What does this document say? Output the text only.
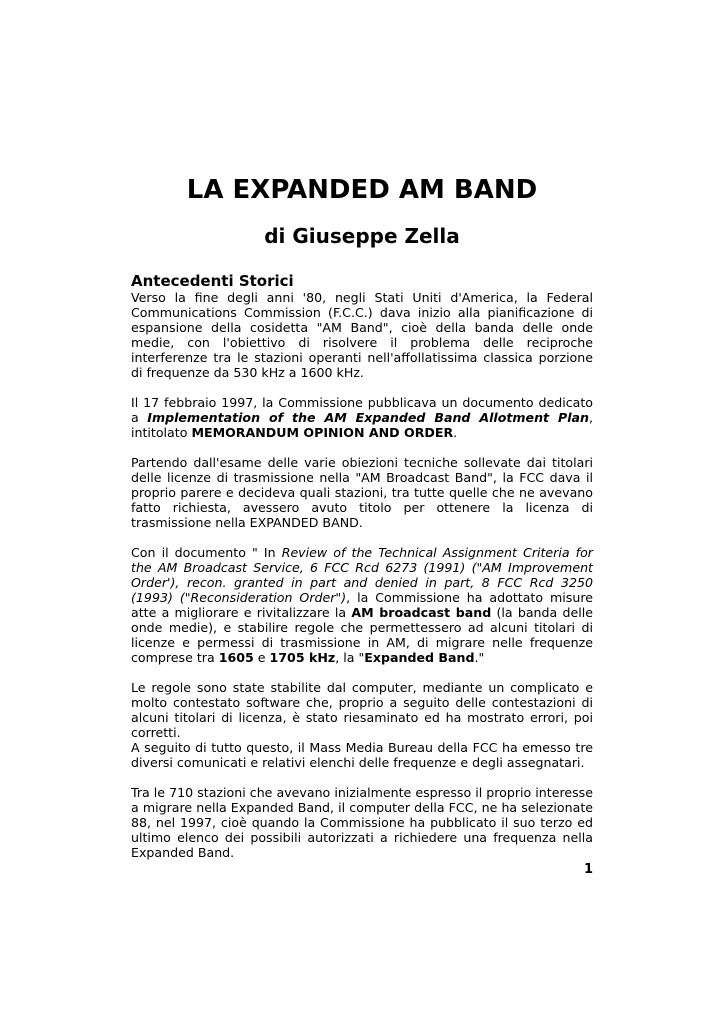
LA EXPANDED AM BAND
di Giuseppe Zella
Antecedenti Storici

Verso la fine degli anni '80, negli Stati Uniti d'America, la Federal Communications Commission (F.C.C.) dava inizio alla pianificazione di espansione della cosidetta "AM Band", cioè della banda delle onde medie, con l'obiettivo di risolvere il problema delle reciproche interferenze tra le stazioni operanti nell'affollatissima classica porzione di frequenze da 530 kHz a 1600 kHz.

Il 17 febbraio 1997, la Commissione pubblicava un documento dedicato a Implementation of the AM Expanded Band Allotment Plan, intitolato MEMORANDUM OPINION AND ORDER.

Partendo dall'esame delle varie obiezioni tecniche sollevate dai titolari delle licenze di trasmissione nella "AM Broadcast Band", la FCC dava il proprio parere e decideva quali stazioni, tra tutte quelle che ne avevano fatto richiesta, avessero avuto titolo per ottenere la licenza di trasmissione nella EXPANDED BAND.

Con il documento " In Review of the Technical Assignment Criteria for the AM Broadcast Service, 6 FCC Rcd 6273 (1991) ("AM Improvement Order'), recon. granted in part and denied in part, 8 FCC Rcd 3250 (1993) ("Reconsideration Order"), la Commissione ha adottato misure atte a migliorare e rivitalizzare la AM broadcast band (la banda delle onde medie), e stabilire regole che permettessero ad alcuni titolari di licenze e permessi di trasmissione in AM, di migrare nelle frequenze comprese tra 1605 e 1705 kHz, la "Expanded Band."

Le regole sono state stabilite dal computer, mediante un complicato e molto contestato software che, proprio a seguito delle contestazioni di alcuni titolari di licenza, è stato riesaminato ed ha mostrato errori, poi corretti.

A seguito di tutto questo, il Mass Media Bureau della FCC ha emesso tre diversi comunicati e relativi elenchi delle frequenze e degli assegnatari.

Tra le 710 stazioni che avevano inizialmente espresso il proprio interesse a migrare nella Expanded Band, il computer della FCC, ne ha selezionate 88, nel 1997, cioè quando la Commissione ha pubblicato il suo terzo ed ultimo elenco dei possibili autorizzati a richiedere una frequenza nella Expanded Band.

1
